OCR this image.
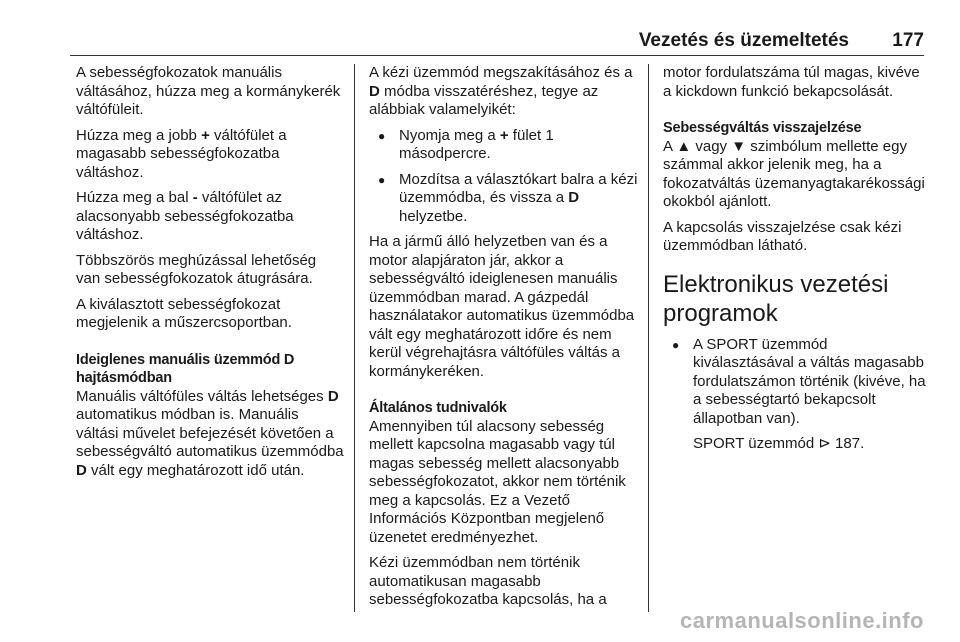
Vezetés és üzemeltetés 177

A sebességfokozatok manuális váltásához, húzza meg a kormánykerék váltófüleit.

Húzza meg a jobb + váltófület a magasabb sebességfokozatba váltáshoz.

Húzza meg a bal - váltófület az alacsonyabb sebességfokozatba váltáshoz.

Többszörös meghúzással lehetőség van sebességfokozatok átugrására.

A kiválasztott sebességfokozat megjelenik a műszercsoportban.

Ideiglenes manuális üzemmód D hajtásmódban

Manuális váltófüles váltás lehetséges D automatikus módban is. Manuális váltási művelet befejezését követően a sebességváltó automatikus üzemmódba D vált egy meghatározott idő után.

A kézi üzemmód megszakításához és a D módba visszatéréshez, tegye az alábbiak valamelyikét:

● Nyomja meg a + fület 1 másodpercre.
● Mozdítsa a választókart balra a kézi üzemmódba, és vissza a D helyzetbe.

Ha a jármű álló helyzetben van és a motor alapjáraton jár, akkor a sebességváltó ideiglenesen manuális üzemmódban marad. A gázpedál használatakor automatikus üzemmódba vált egy meghatározott időre és nem kerül végrehajtásra váltófüles váltás a kormánykeréken.

Általános tudnivalók

Amennyiben túl alacsony sebesség mellett kapcsolna magasabb vagy túl magas sebesség mellett alacsonyabb sebességfokozatot, akkor nem történik meg a kapcsolás. Ez a Vezető Információs Központban megjelenő üzenetet eredményezhet.

Kézi üzemmódban nem történik automatikusan magasabb sebességfokozatba kapcsolás, ha a

motor fordulatszáma túl magas, kivéve a kickdown funkció bekapcsolását.

Sebességváltás visszajelzése

A ▲ vagy ▼ szimbólum mellette egy számmal akkor jelenik meg, ha a fokozatváltás üzemanyagtakarékossági okokból ajánlott.

A kapcsolás visszajelzése csak kézi üzemmódban látható.

Elektronikus vezetési programok
● A SPORT üzemmód kiválasztásával a váltás magasabb fordulatszámon történik (kivéve, ha a sebességtartó bekapcsolt állapotban van).

SPORT üzemmód ⊳ 187.

carmanualsonline.info
